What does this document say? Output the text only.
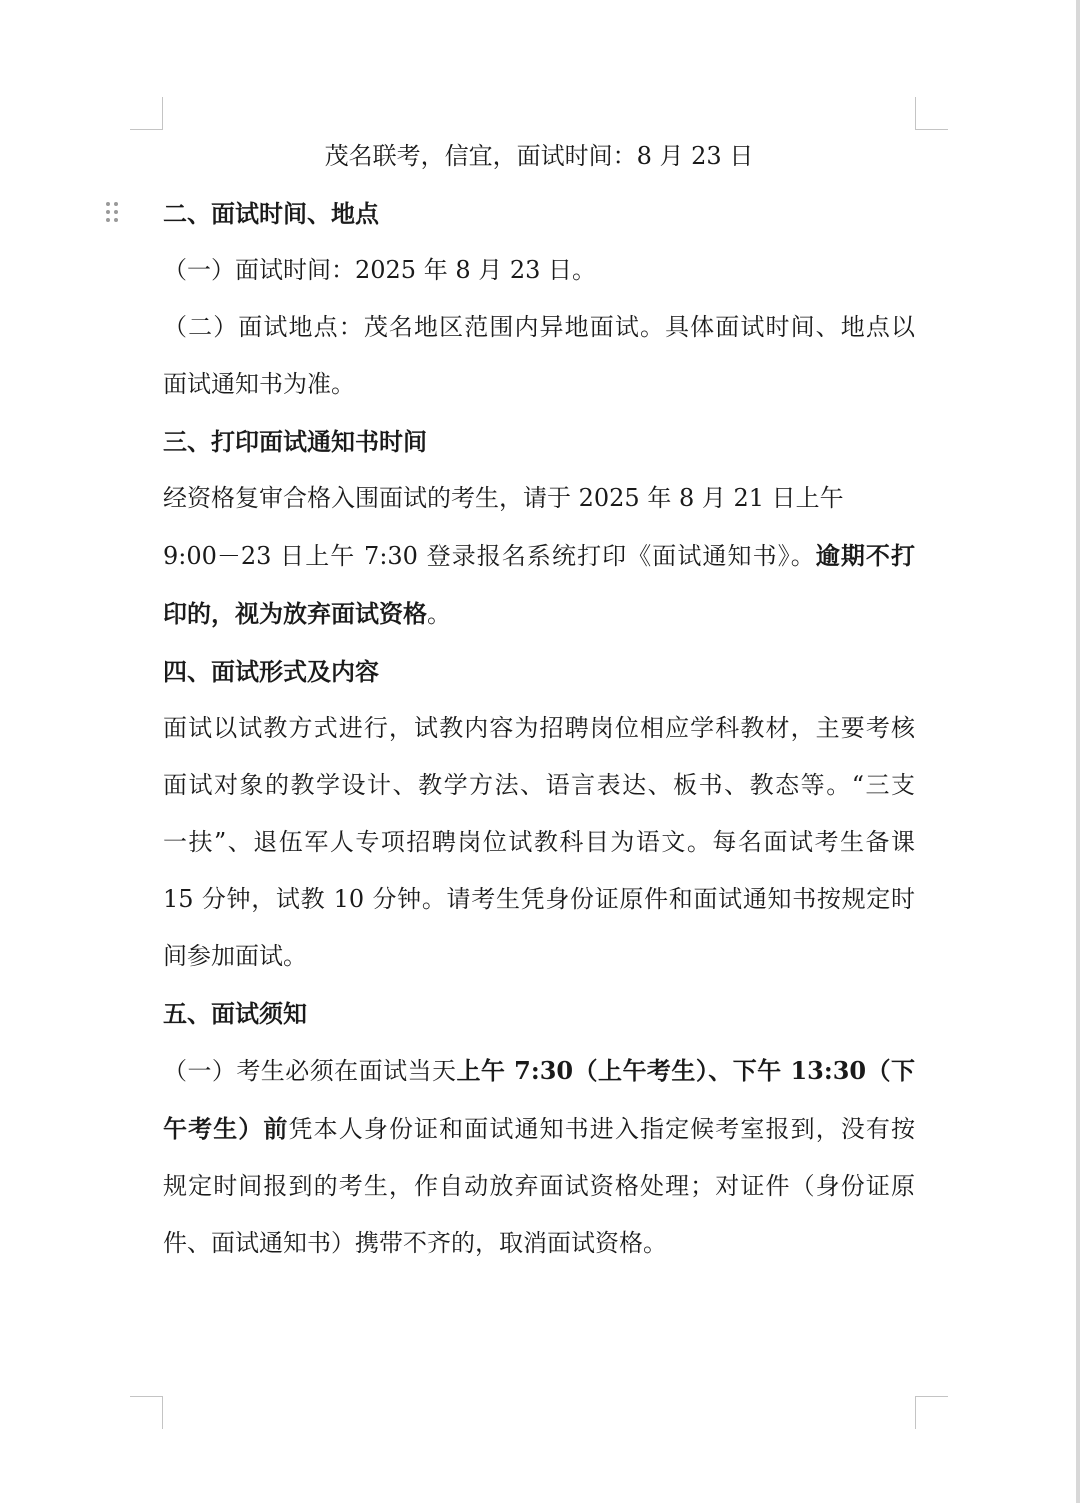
茂名联考，信宜，面试时间：8 月 23 日

二、面试时间、地点

（一）面试时间：2025 年 8 月 23 日。
（二）面试地点：茂名地区范围内异地面试。具体面试时间、地点以
面试通知书为准。

三、打印面试通知书时间

经资格复审合格入围面试的考生，请于 2025 年 8 月 21 日上午
9:00－23 日上午 7:30 登录报名系统打印《面试通知书》。逾期不打
印的，视为放弃面试资格。

四、面试形式及内容

面试以试教方式进行，试教内容为招聘岗位相应学科教材，主要考核
面试对象的教学设计、教学方法、语言表达、板书、教态等。“三支
一扶”、退伍军人专项招聘岗位试教科目为语文。每名面试考生备课
15 分钟，试教 10 分钟。请考生凭身份证原件和面试通知书按规定时
间参加面试。

五、面试须知

（一）考生必须在面试当天上午 7:30（上午考生）、下午 13:30（下
午考生）前凭本人身份证和面试通知书进入指定候考室报到，没有按
规定时间报到的考生，作自动放弃面试资格处理；对证件（身份证原
件、面试通知书）携带不齐的，取消面试资格。
